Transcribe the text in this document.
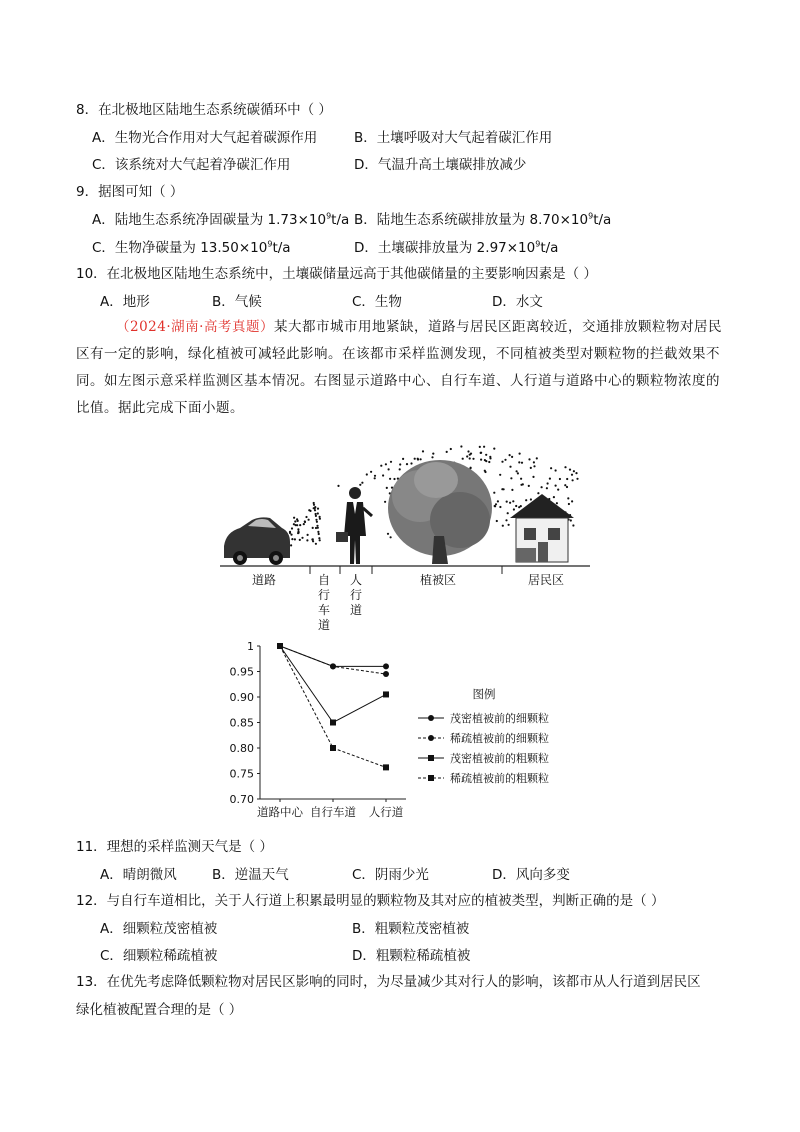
8．在北极地区陆地生态系统碳循环中（ ）
A．生物光合作用对大气起着碳源作用	B．土壤呼吸对大气起着碳汇作用
C．该系统对大气起着净碳汇作用	D．气温升高土壤碳排放减少
9．据图可知（ ）
A．陆地生态系统净固碳量为 $1.73\times 10^9t/a$ B．陆地生态系统碳排放量为 $8.70\times 10^9t/a$
C．生物净碳量为 $13.50\times 10^9t/a$	D．土壤碳排放量为 $2.97\times 10^9t/a$
10．在北极地区陆地生态系统中，土壤碳储量远高于其他碳储量的主要影响因素是（ ）
A．地形	B．气候	C．生物	D．水文
（2024·湖南·高考真题）某大都市城市用地紧缺，道路与居民区距离较近，交通排放颗粒物对居民区有一定的影响，绿化植被可减轻此影响。在该都市采样监测发现，不同植被类型对颗粒物的拦截效果不同。如左图示意采样监测区基本情况。右图显示道路中心、自行车道、人行道与道路中心的颗粒物浓度的比值。据此完成下面小题。
道路	植被区	居民区
自
行
车
道
人
行
道
1
0.95
0.90
0.85
0.80
0.75
0.70
道路中心 自行车道 人行道
图例
茂密植被前的细颗粒
稀疏植被前的细颗粒
茂密植被前的粗颗粒
稀疏植被前的粗颗粒
11．理想的采样监测天气是（ ）
A．晴朗微风	B．逆温天气	C．阴雨少光	D．风向多变
12．与自行车道相比，关于人行道上积累最明显的颗粒物及其对应的植被类型，判断正确的是（ ）
A．细颗粒茂密植被	B．粗颗粒茂密植被
C．细颗粒稀疏植被	D．粗颗粒稀疏植被
13．在优先考虑降低颗粒物对居民区影响的同时，为尽量减少其对行人的影响，该都市从人行道到居民区
绿化植被配置合理的是（ ）
